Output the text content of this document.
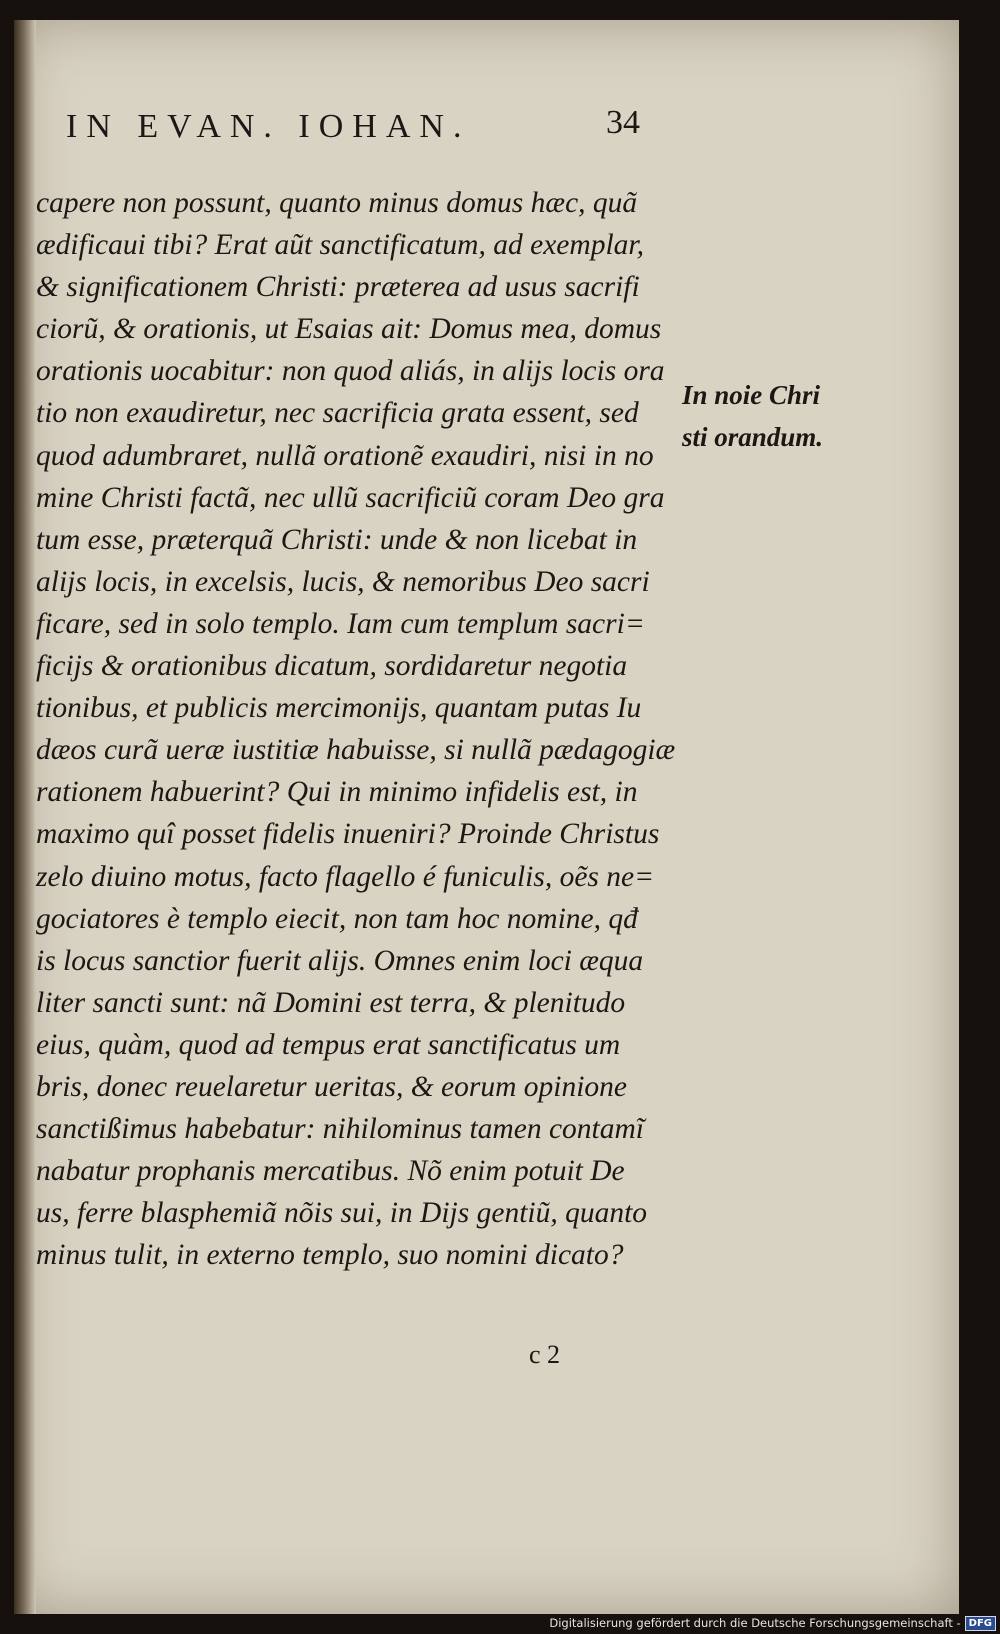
IN EVAN. IOHAN.	34
capere non possunt, quanto minus domus hæc, quã
ædificaui tibi? Erat aũt sanctificatum, ad exemplar,
& significationem Christi: præterea ad usus sacrifi
ciorũ, & orationis, ut Esaias ait: Domus mea, domus
orationis uocabitur: non quod aliás, in alijs locis ora
tio non exaudiretur, nec sacrificia grata essent, sed
quod adumbraret, nullã orationẽ exaudiri, nisi in no
mine Christi factã, nec ullũ sacrificiũ coram Deo gra
tum esse, præterquã Christi: unde & non licebat in
alijs locis, in excelsis, lucis, & nemoribus Deo sacri
ficare, sed in solo templo. Iam cum templum sacri=
ficijs & orationibus dicatum, sordidaretur negotia
tionibus, et publicis mercimonijs, quantam putas Iu
dæos curã ueræ iustitiæ habuisse, si nullã pædagogiæ
rationem habuerint? Qui in minimo infidelis est, in
maximo quî posset fidelis inueniri? Proinde Christus
zelo diuino motus, facto flagello é funiculis, oẽs ne=
gociatores è templo eiecit, non tam hoc nomine, qđ
is locus sanctior fuerit alijs. Omnes enim loci æqua
liter sancti sunt: nã Domini est terra, & plenitudo
eius, quàm, quod ad tempus erat sanctificatus um
bris, donec reuelaretur ueritas, & eorum opinione
sanctißimus habebatur: nihilominus tamen contamĩ
nabatur prophanis mercatibus. Nõ enim potuit De
us, ferre blasphemiã nõis sui, in Dijs gentiũ, quanto
minus tulit, in externo templo, suo nomini dicato?
In noie Chri
sti orandum.
c 2
Digitalisierung gefördert durch die Deutsche Forschungsgemeinschaft - DFG
